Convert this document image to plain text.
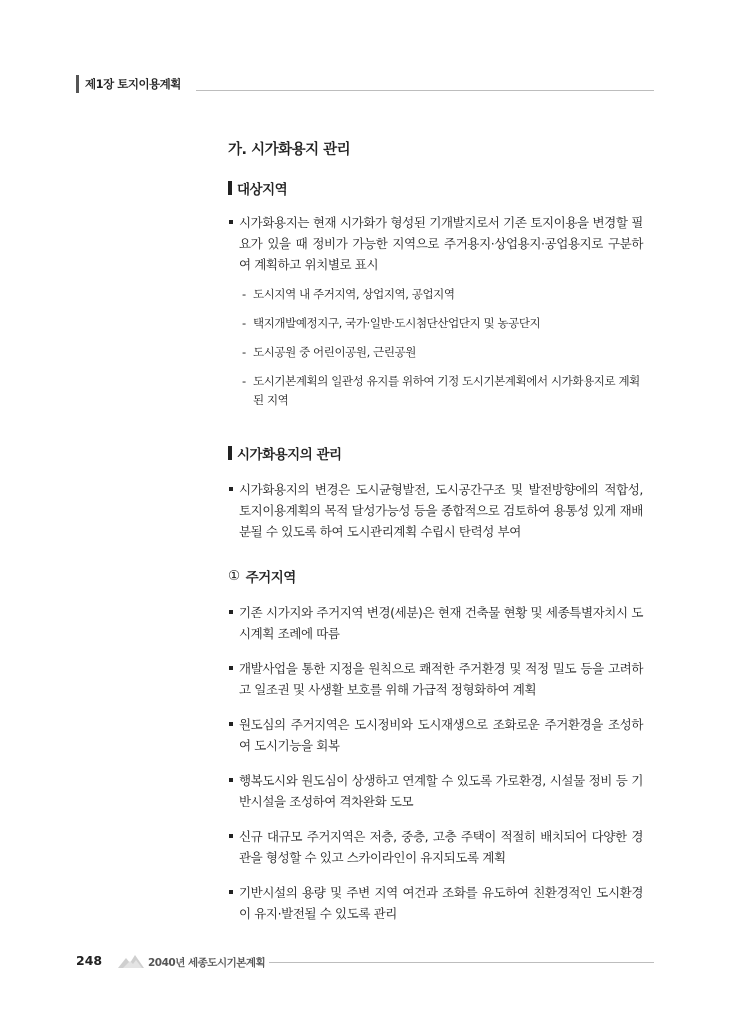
제1장 토지이용계획
가. 시가화용지 관리
대상지역
시가화용지는 현재 시가화가 형성된 기개발지로서 기존 토지이용을 변경할 필요가 있을 때 정비가 가능한 지역으로 주거용지·상업용지·공업용지로 구분하여 계획하고 위치별로 표시
- 도시지역 내 주거지역, 상업지역, 공업지역
- 택지개발예정지구, 국가·일반·도시첨단산업단지 및 농공단지
- 도시공원 중 어린이공원, 근린공원
- 도시기본계획의 일관성 유지를 위하여 기정 도시기본계획에서 시가화용지로 계획된 지역
시가화용지의 관리
시가화용지의 변경은 도시균형발전, 도시공간구조 및 발전방향에의 적합성, 토지이용계획의 목적 달성가능성 등을 종합적으로 검토하여 용통성 있게 재배분될 수 있도록 하여 도시관리계획 수립시 탄력성 부여
① 주거지역
기존 시가지와 주거지역 변경(세분)은 현재 건축물 현황 및 세종특별자치시 도시계획 조례에 따름
개발사업을 통한 지정을 원칙으로 쾌적한 주거환경 및 적정 밀도 등을 고려하고 일조권 및 사생활 보호를 위해 가급적 정형화하여 계획
원도심의 주거지역은 도시정비와 도시재생으로 조화로운 주거환경을 조성하여 도시기능을 회복
행복도시와 원도심이 상생하고 연계할 수 있도록 가로환경, 시설물 정비 등 기반시설을 조성하여 격차완화 도모
신규 대규모 주거지역은 저층, 중층, 고층 주택이 적절히 배치되어 다양한 경관을 형성할 수 있고 스카이라인이 유지되도록 계획
기반시설의 용량 및 주변 지역 여건과 조화를 유도하여 친환경적인 도시환경이 유지·발전될 수 있도록 관리
248	2040년 세종도시기본계획
